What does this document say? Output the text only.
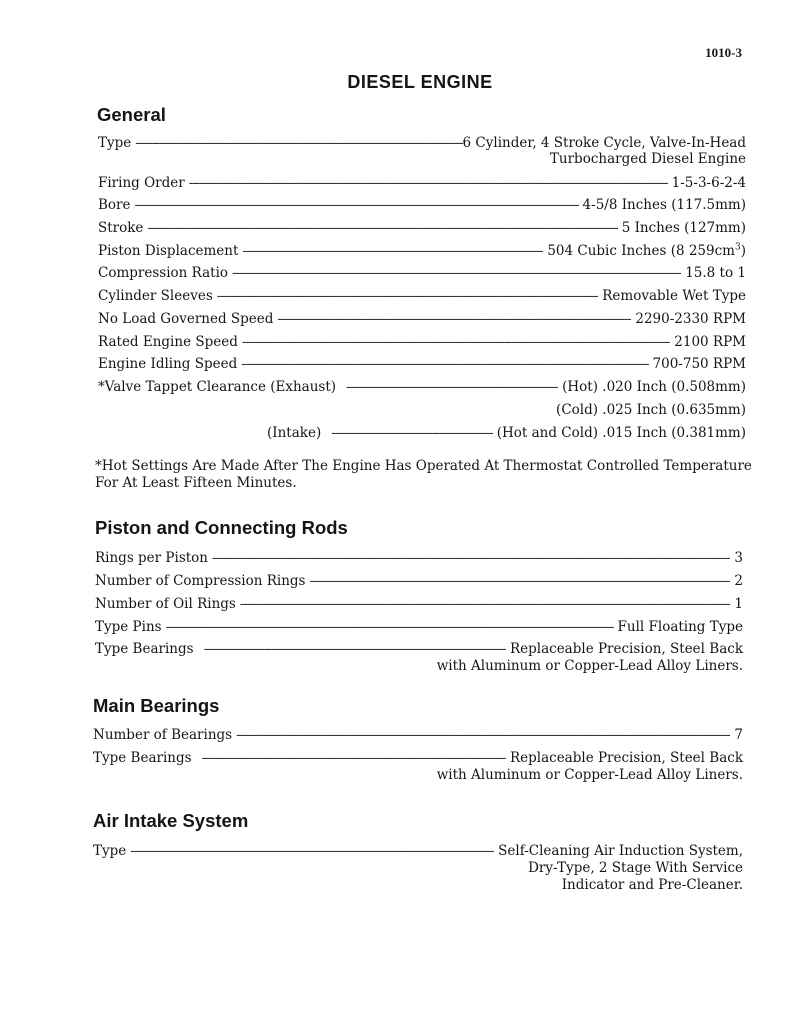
1010-3
DIESEL ENGINE
General
Type -----	6 Cylinder, 4 Stroke Cycle, Valve-In-Head
Turbocharged Diesel Engine
Firing Order -----	1-5-3-6-2-4
Bore -----	4-5/8 Inches (117.5mm)
Stroke -----	5 Inches (127mm)
Piston Displacement -----	504 Cubic Inches (8 $259cm^3$)
Compression Ratio -----	15.8 to 1
Cylinder Sleeves -----	Removable Wet Type
No Load Governed Speed -----	2290-2330 RPM
Rated Engine Speed -----	2100 RPM
Engine Idling Speed -----	700-750 RPM
*Valve Tappet Clearance (Exhaust) -----	(Hot) .020 Inch (0.508mm)
(Cold) .025 Inch (0.635mm)
(Intake) -----	(Hot and Cold) .015 Inch (0.381mm)
*Hot Settings Are Made After The Engine Has Operated At Thermostat Controlled Temperature
For At Least Fifteen Minutes.
Piston and Connecting Rods
Rings per Piston -----	3
Number of Compression Rings -----	2
Number of Oil Rings -----	1
Type Pins -----	Full Floating Type
Type Bearings -----	Replaceable Precision, Steel Back
with Aluminum or Copper-Lead Alloy Liners.
Main Bearings
Number of Bearings -----	7
Type Bearings -----	Replaceable Precision, Steel Back
with Aluminum or Copper-Lead Alloy Liners.
Air Intake System
Type -----	Self-Cleaning Air Induction System,
Dry-Type, 2 Stage With Service
Indicator and Pre-Cleaner.
